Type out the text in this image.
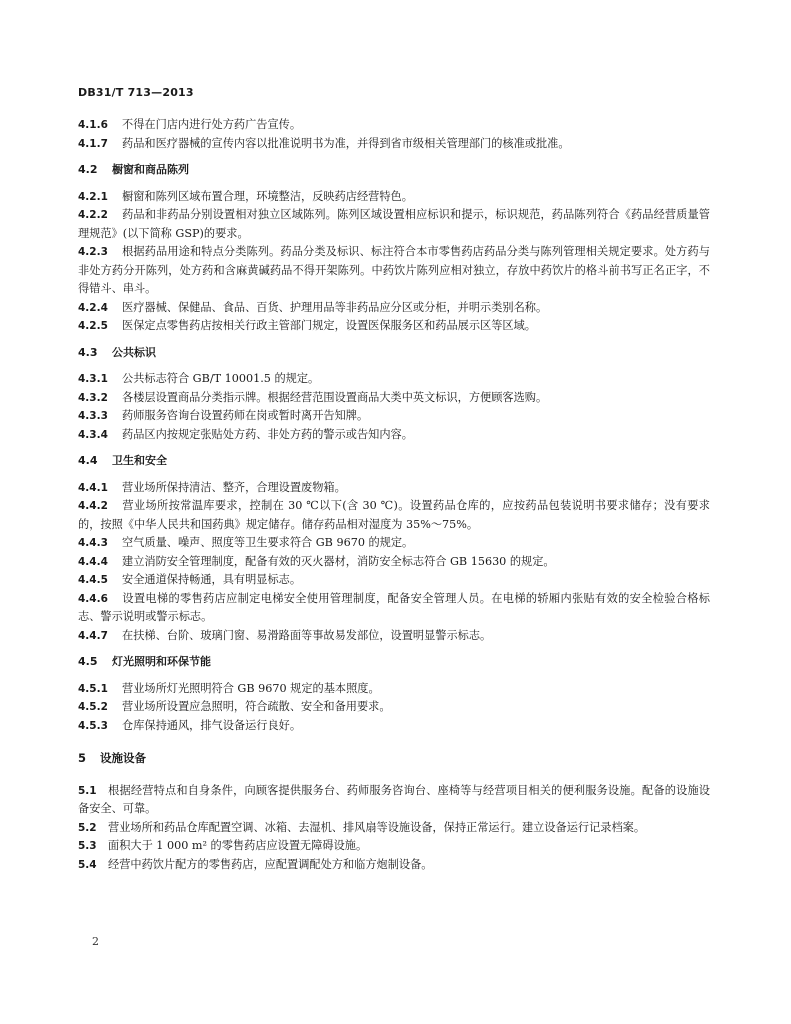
DB31/T 713—2013

4.1.6 不得在门店内进行处方药广告宣传。

4.1.7 药品和医疗器械的宣传内容以批准说明书为准，并得到省市级相关管理部门的核准或批准。

4.2 橱窗和商品陈列

4.2.1 橱窗和陈列区域布置合理，环境整洁，反映药店经营特色。

4.2.2 药品和非药品分别设置相对独立区域陈列。陈列区域设置相应标识和提示，标识规范，药品陈列符合《药品经营质量管理规范》(以下简称 GSP)的要求。

4.2.3 根据药品用途和特点分类陈列。药品分类及标识、标注符合本市零售药店药品分类与陈列管理相关规定要求。处方药与非处方药分开陈列，处方药和含麻黄碱药品不得开架陈列。中药饮片陈列应相对独立，存放中药饮片的格斗前书写正名正字，不得错斗、串斗。

4.2.4 医疗器械、保健品、食品、百货、护理用品等非药品应分区或分柜，并明示类别名称。

4.2.5 医保定点零售药店按相关行政主管部门规定，设置医保服务区和药品展示区等区域。

4.3 公共标识

4.3.1 公共标志符合 GB/T 10001.5 的规定。

4.3.2 各楼层设置商品分类指示牌。根据经营范围设置商品大类中英文标识，方便顾客选购。

4.3.3 药师服务咨询台设置药师在岗或暂时离开告知牌。

4.3.4 药品区内按规定张贴处方药、非处方药的警示或告知内容。

4.4 卫生和安全

4.4.1 营业场所保持清洁、整齐，合理设置废物箱。

4.4.2 营业场所按常温库要求，控制在 30 ℃以下(含 30 ℃)。设置药品仓库的，应按药品包装说明书要求储存；没有要求的，按照《中华人民共和国药典》规定储存。储存药品相对湿度为 35%～75%。

4.4.3 空气质量、噪声、照度等卫生要求符合 GB 9670 的规定。

4.4.4 建立消防安全管理制度，配备有效的灭火器材，消防安全标志符合 GB 15630 的规定。

4.4.5 安全通道保持畅通，具有明显标志。

4.4.6 设置电梯的零售药店应制定电梯安全使用管理制度，配备安全管理人员。在电梯的轿厢内张贴有效的安全检验合格标志、警示说明或警示标志。

4.4.7 在扶梯、台阶、玻璃门窗、易滑路面等事故易发部位，设置明显警示标志。

4.5 灯光照明和环保节能

4.5.1 营业场所灯光照明符合 GB 9670 规定的基本照度。

4.5.2 营业场所设置应急照明，符合疏散、安全和备用要求。

4.5.3 仓库保持通风，排气设备运行良好。

5 设施设备

5.1 根据经营特点和自身条件，向顾客提供服务台、药师服务咨询台、座椅等与经营项目相关的便利服务设施。配备的设施设备安全、可靠。

5.2 营业场所和药品仓库配置空调、冰箱、去湿机、排风扇等设施设备，保持正常运行。建立设备运行记录档案。

5.3 面积大于 1 000 m² 的零售药店应设置无障碍设施。

5.4 经营中药饮片配方的零售药店，应配置调配处方和临方炮制设备。

2
